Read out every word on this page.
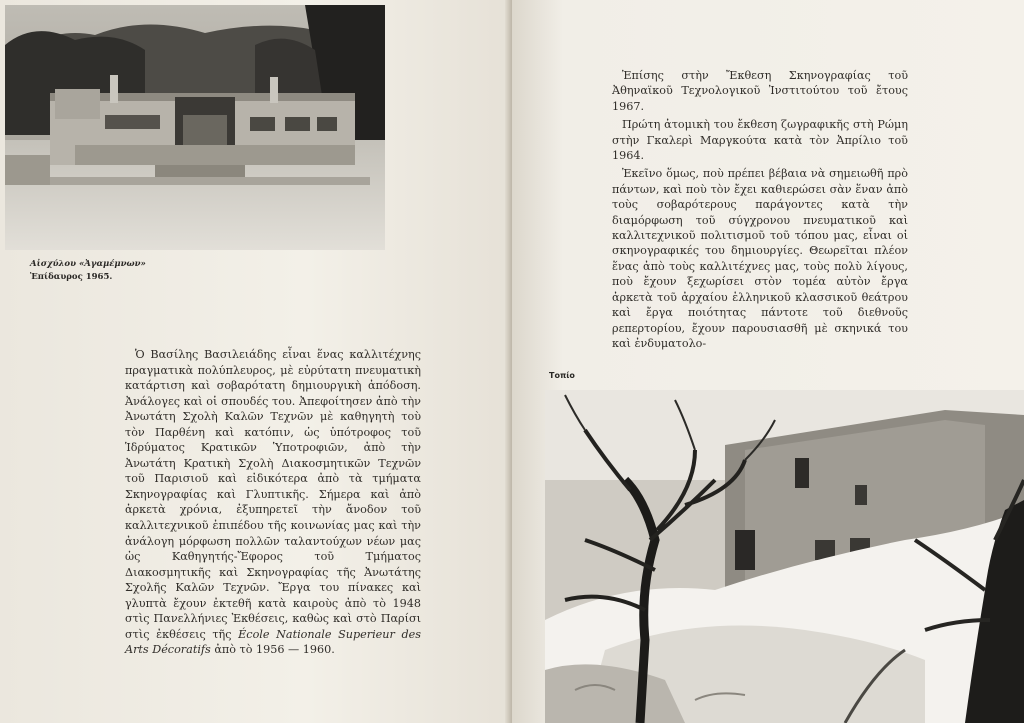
Αἰσχύλου «Ἀγαμέμνων»
Ἐπίδαυρος 1965.

Ὁ Βασίλης Βασιλειάδης εἶναι ἕνας καλλιτέχνης πραγματικὰ πολύπλευρος, μὲ εὐρύτατη πνευματικὴ κατάρτιση καὶ σοβαρότατη δημιουργικὴ ἀπόδοση. Ἀνάλογες καὶ οἱ σπουδές του. Ἀπεφοίτησεν ἀπὸ τὴν Ἀνωτάτη Σχολὴ Καλῶν Τεχνῶν μὲ καθηγητὴ τοὺ τὸν Παρθένη καὶ κατόπιν, ὡς ὑπότροφος τοῦ Ἱδρύματος Κρατικῶν Ὑποτροφιῶν, ἀπὸ τὴν Ἀνωτάτη Κρατικὴ Σχολὴ Διακοσμητικῶν Τεχνῶν τοῦ Παρισιοῦ καὶ εἰδικότερα ἀπὸ τὰ τμήματα Σκηνογραφίας καὶ Γλυπτικῆς. Σήμερα καὶ ἀπὸ ἀρκετὰ χρόνια, ἐξυπηρετεῖ τὴν ἄνοδον τοῦ καλλιτεχνικοῦ ἐπιπέδου τῆς κοινωνίας μας καὶ τὴν ἀνάλογη μόρφωση πολλῶν ταλαντούχων νέων μας ὡς Καθηγητής-Ἔφορος τοῦ Τμήματος Διακοσμητικῆς καὶ Σκηνογραφίας τῆς Ἀνωτάτης Σχολῆς Καλῶν Τεχνῶν. Ἔργα του πίνακες καὶ γλυπτὰ ἔχουν ἐκτεθῆ κατὰ καιροὺς ἀπὸ τὸ 1948 στὶς Πανελλήνιες Ἐκθέσεις, καθὼς καὶ στὸ Παρίσι στὶς ἐκθέσεις τῆς École Nationale Superieur des Arts Décoratifs ἀπὸ τὸ 1956 — 1960.

Ἐπίσης στὴν Ἔκθεση Σκηνογραφίας τοῦ Ἀθηναϊκοῦ Τεχνολογικοῦ Ἰνστιτούτου τοῦ ἔτους 1967.

Πρώτη ἀτομικὴ του ἔκθεση ζωγραφικῆς στὴ Ρώμη στὴν Γκαλερὶ Μαργκούτα κατὰ τὸν Ἀπρίλιο τοῦ 1964.

Ἐκεῖνο ὅμως, ποὺ πρέπει βέβαια νὰ σημειωθῆ πρὸ πάντων, καὶ ποὺ τὸν ἔχει καθιερώσει σὰν ἕναν ἀπὸ τοὺς σοβαρότερους παράγοντες κατὰ τὴν διαμόρφωση τοῦ σύγχρονου πνευματικοῦ καὶ καλλιτεχνικοῦ πολιτισμοῦ τοῦ τόπου μας, εἶναι οἱ σκηνογραφικές του δημιουργίες. Θεωρεῖται πλέον ἕνας ἀπὸ τοὺς καλλιτέχνες μας, τοὺς πολὺ λίγους, ποὺ ἔχουν ξεχωρίσει στὸν τομέα αὐτὸν ἔργα ἀρκετὰ τοῦ ἀρχαίου ἑλληνικοῦ κλασσικοῦ θεάτρου καὶ ἔργα ποιότητας πάντοτε τοῦ διεθνοῦς ρεπερτορίου, ἔχουν παρουσιασθῆ μὲ σκηνικά του καὶ ἐνδυματολο-

Τοπίο
